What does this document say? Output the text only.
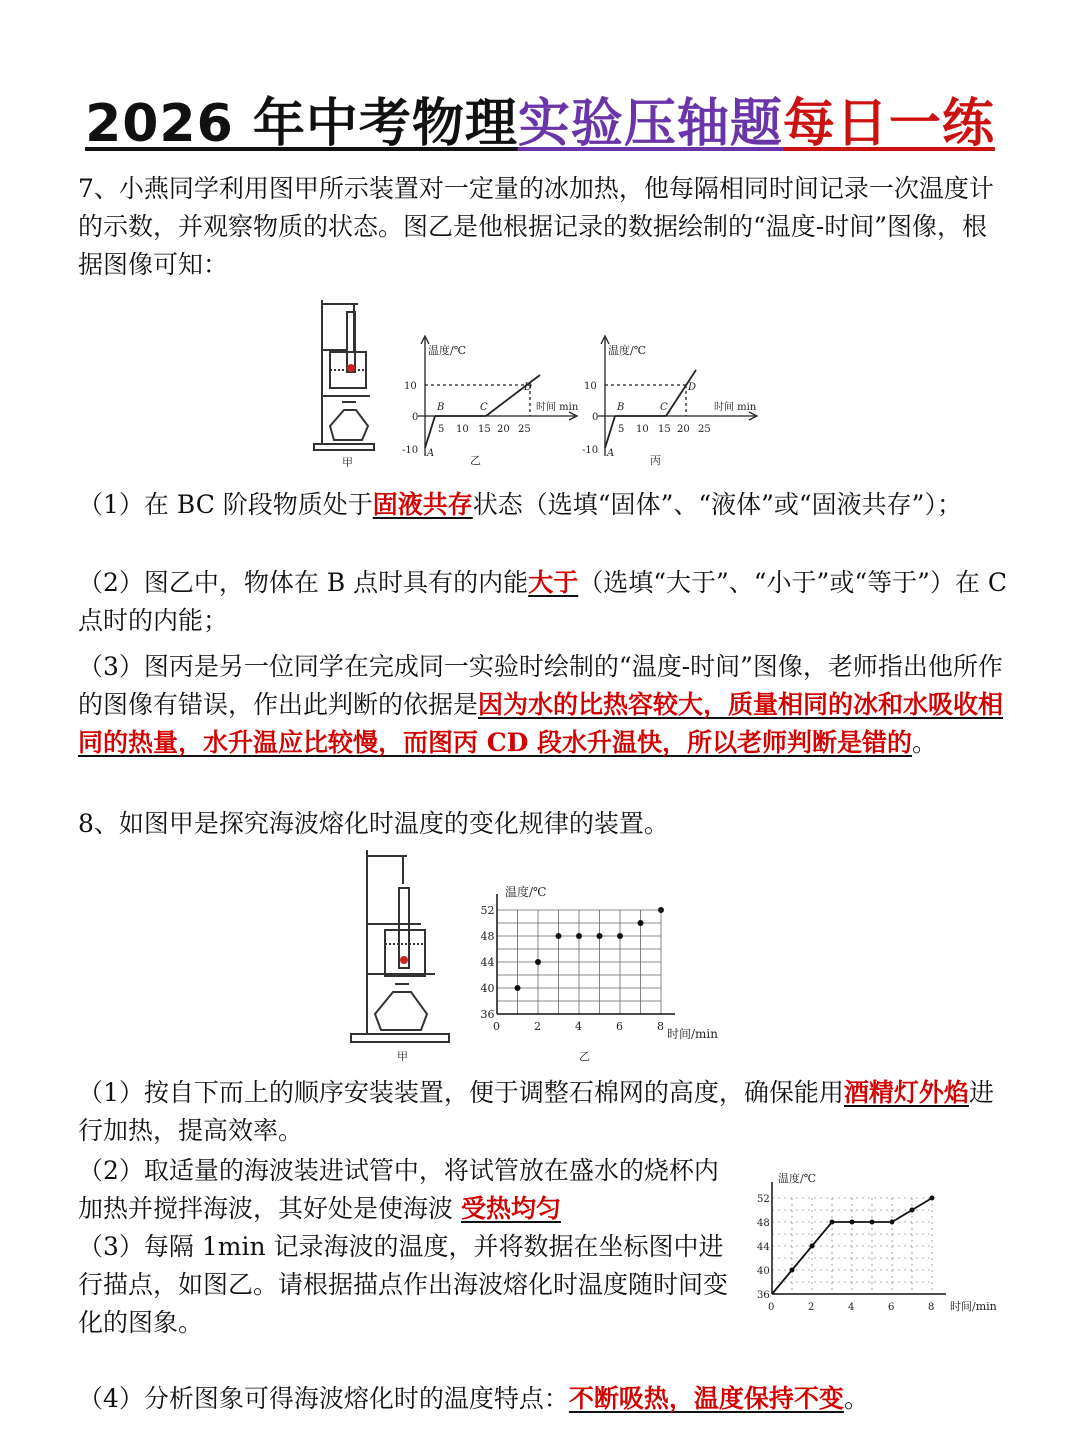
2026 年中考物理实验压轴题每日一练

7、小燕同学利用图甲所示装置对一定量的冰加热，他每隔相同时间记录一次温度计的示数，并观察物质的状态。图乙是他根据记录的数据绘制的“温度-时间”图像，根据图像可知：

甲
温度/℃
10
0
-10
5 10 15 20 25
时间 min
A
B	C
D
乙
温度/℃
10
0
-10
5 10 15 20 25
时间 min
A
B	C
D
丙

（1）在 BC 阶段物质处于固液共存状态（选填“固体”、“液体”或“固液共存”）；

（2）图乙中，物体在 B 点时具有的内能大于（选填“大于”、“小于”或“等于”）在 C 点时的内能；

（3）图丙是另一位同学在完成同一实验时绘制的“温度-时间”图像，老师指出他所作的图像有错误，作出此判断的依据是因为水的比热容较大，质量相同的冰和水吸收相同的热量，水升温应比较慢，而图丙 CD 段水升温快，所以老师判断是错的。

8、如图甲是探究海波熔化时温度的变化规律的装置。

甲
0	2	4	6	8
52
48
44
40
36
温度/℃
时间/min
乙

（1）按自下而上的顺序安装装置，便于调整石棉网的高度，确保能用酒精灯外焰进行加热，提高效率。

（2）取适量的海波装进试管中，将试管放在盛水的烧杯内加热并搅拌海波，其好处是使海波 受热均匀

（3）每隔 1min 记录海波的温度，并将数据在坐标图中进行描点，如图乙。请根据描点作出海波熔化时温度随时间变化的图象。

0	2	4	6	8
52
48
44
40
36
温度/℃
时间/min

（4）分析图象可得海波熔化时的温度特点：不断吸热，温度保持不变。
